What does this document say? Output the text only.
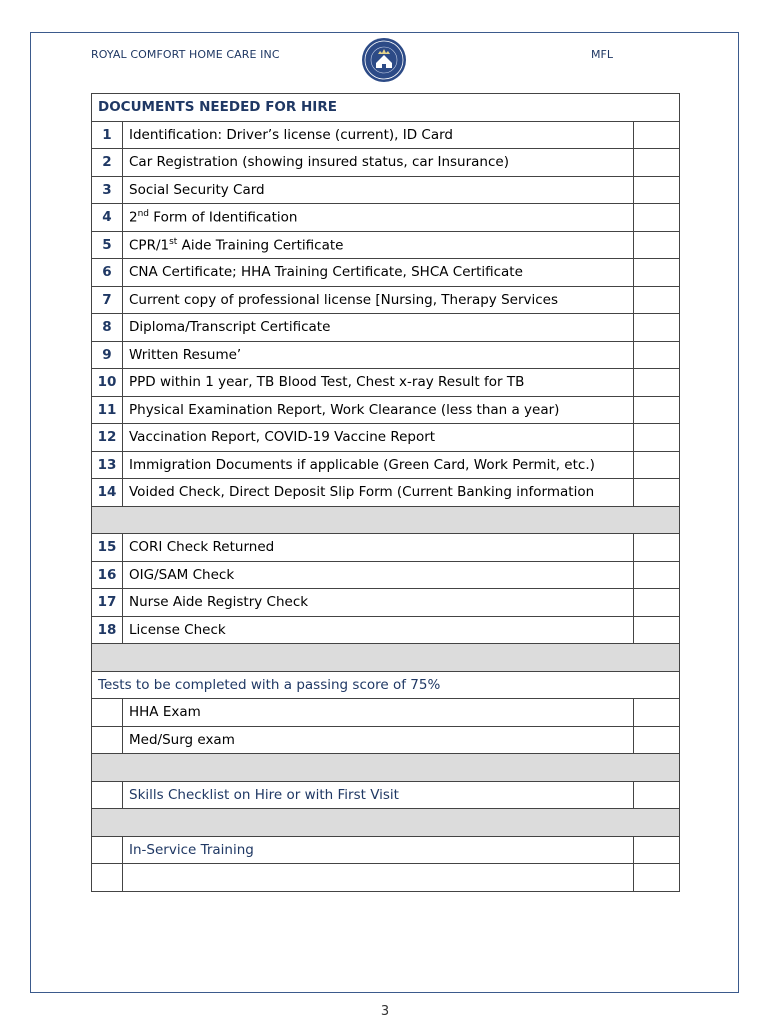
ROYAL COMFORT HOME CARE INC	MFL
DOCUMENTS NEEDED FOR HIRE		
1	Identification: Driver’s license (current), ID Card	
2	Car Registration (showing insured status, car Insurance)	
3	Social Security Card	
4	2nd Form of Identification	
5	CPR/1st Aide Training Certificate	
6	CNA Certificate; HHA Training Certificate, SHCA Certificate	
7	Current copy of professional license [Nursing, Therapy Services	
8	Diploma/Transcript Certificate	
9	Written Resume’	
10	PPD within 1 year, TB Blood Test, Chest x-ray Result for TB	
11	Physical Examination Report, Work Clearance (less than a year)	
12	Vaccination Report, COVID-19 Vaccine Report	
13	Immigration Documents if applicable (Green Card, Work Permit, etc.)	
14	Voided Check, Direct Deposit Slip Form (Current Banking information	

15	CORI Check Returned	
16	OIG/SAM Check	
17	Nurse Aide Registry Check	
18	License Check	

Tests to be completed with a passing score of 75%		
	HHA Exam	
	Med/Surg exam	

	Skills Checklist on Hire or with First Visit	

	In-Service Training	

3
